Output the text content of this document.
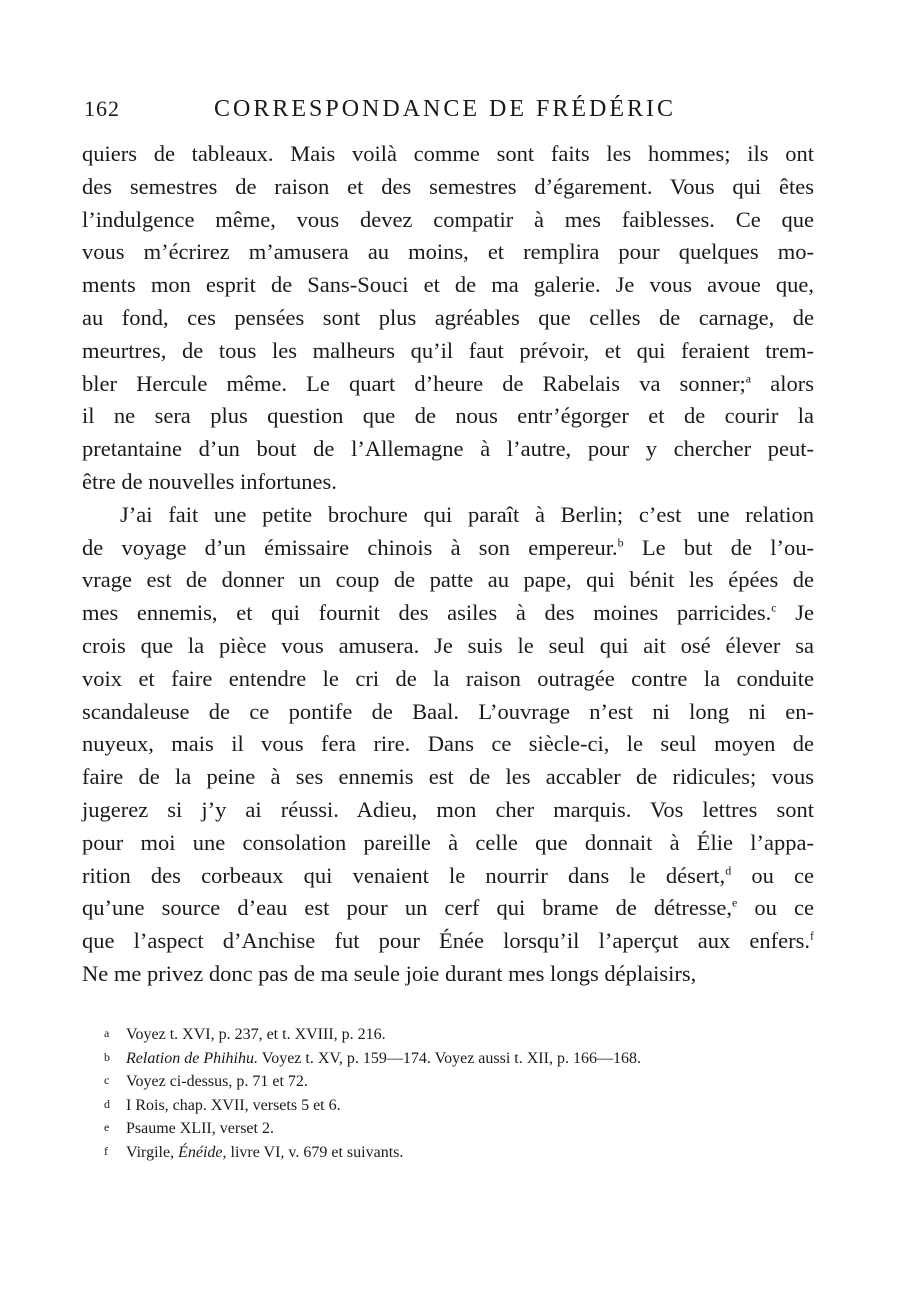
162	CORRESPONDANCE DE FRÉDÉRIC
quiers de tableaux. Mais voilà comme sont faits les hommes; ils ont
des semestres de raison et des semestres d’égarement. Vous qui êtes
l’indulgence même, vous devez compatir à mes faiblesses. Ce que
vous m’écrirez m’amusera au moins, et remplira pour quelques mo-
ments mon esprit de Sans-Souci et de ma galerie. Je vous avoue que,
au fond, ces pensées sont plus agréables que celles de carnage, de
meurtres, de tous les malheurs qu’il faut prévoir, et qui feraient trem-
bler Hercule même. Le quart d’heure de Rabelais va sonner;$^a$ alors
il ne sera plus question que de nous entr’égorger et de courir la
pretantaine d’un bout de l’Allemagne à l’autre, pour y chercher peut-
être de nouvelles infortunes.
J’ai fait une petite brochure qui paraît à Berlin; c’est une relation
de voyage d’un émissaire chinois à son empereur.$^b$ Le but de l’ou-
vrage est de donner un coup de patte au pape, qui bénit les épées de
mes ennemis, et qui fournit des asiles à des moines parricides.$^c$ Je
crois que la pièce vous amusera. Je suis le seul qui ait osé élever sa
voix et faire entendre le cri de la raison outragée contre la conduite
scandaleuse de ce pontife de Baal. L’ouvrage n’est ni long ni en-
nuyeux, mais il vous fera rire. Dans ce siècle-ci, le seul moyen de
faire de la peine à ses ennemis est de les accabler de ridicules; vous
jugerez si j’y ai réussi. Adieu, mon cher marquis. Vos lettres sont
pour moi une consolation pareille à celle que donnait à Élie l’appa-
rition des corbeaux qui venaient le nourrir dans le désert,$^d$ ou ce
qu’une source d’eau est pour un cerf qui brame de détresse,$^e$ ou ce
que l’aspect d’Anchise fut pour Énée lorsqu’il l’aperçut aux enfers.$^f$
Ne me privez donc pas de ma seule joie durant mes longs déplaisirs,
a Voyez t. XVI, p. 237, et t. XVIII, p. 216.
b Relation de Phihihu. Voyez t. XV, p. 159—174. Voyez aussi t. XII, p. 166—168.
c Voyez ci-dessus, p. 71 et 72.
d I Rois, chap. XVII, versets 5 et 6.
e Psaume XLII, verset 2.
f Virgile, Énéide, livre VI, v. 679 et suivants.
